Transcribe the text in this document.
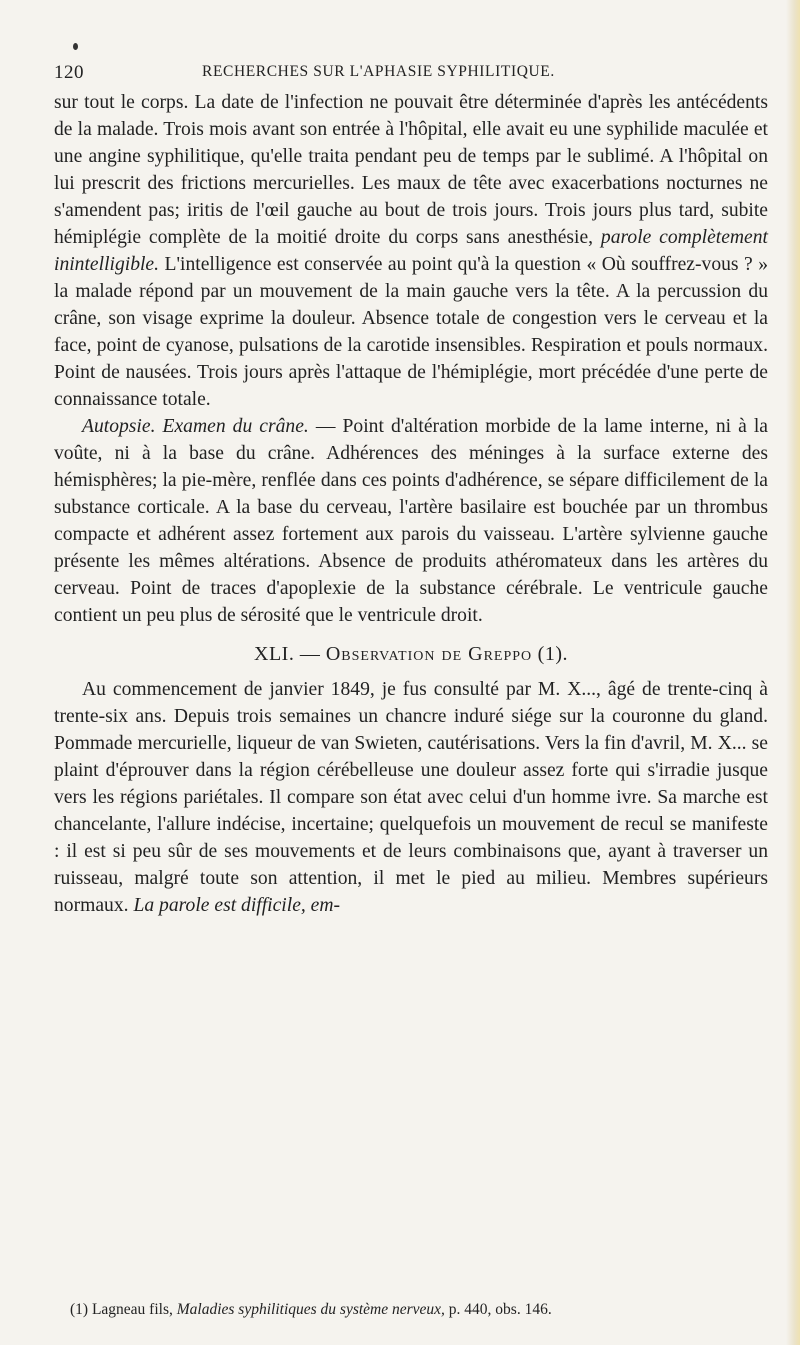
120	RECHERCHES SUR L'APHASIE SYPHILITIQUE.

sur tout le corps. La date de l'infection ne pouvait être déterminée d'après les antécédents de la malade. Trois mois avant son entrée à l'hôpital, elle avait eu une syphilide maculée et une angine syphilitique, qu'elle traita pendant peu de temps par le sublimé. A l'hôpital on lui prescrit des frictions mercurielles. Les maux de tête avec exacerbations nocturnes ne s'amendent pas; iritis de l'œil gauche au bout de trois jours. Trois jours plus tard, subite hémiplégie complète de la moitié droite du corps sans anesthésie, parole complètement inintelligible. L'intelligence est conservée au point qu'à la question « Où souffrez-vous ? » la malade répond par un mouvement de la main gauche vers la tête. A la percussion du crâne, son visage exprime la douleur. Absence totale de congestion vers le cerveau et la face, point de cyanose, pulsations de la carotide insensibles. Respiration et pouls normaux. Point de nausées. Trois jours après l'attaque de l'hémiplégie, mort précédée d'une perte de connaissance totale.

Autopsie. Examen du crâne. — Point d'altération morbide de la lame interne, ni à la voûte, ni à la base du crâne. Adhérences des méninges à la surface externe des hémisphères; la pie-mère, renflée dans ces points d'adhérence, se sépare difficilement de la substance corticale. A la base du cerveau, l'artère basilaire est bouchée par un thrombus compacte et adhérent assez fortement aux parois du vaisseau. L'artère sylvienne gauche présente les mêmes altérations. Absence de produits athéromateux dans les artères du cerveau. Point de traces d'apoplexie de la substance cérébrale. Le ventricule gauche contient un peu plus de sérosité que le ventricule droit.

XLI. — Observation de Greppo (1).

Au commencement de janvier 1849, je fus consulté par M. X..., âgé de trente-cinq à trente-six ans. Depuis trois semaines un chancre induré siége sur la couronne du gland. Pommade mercurielle, liqueur de van Swieten, cautérisations. Vers la fin d'avril, M. X... se plaint d'éprouver dans la région cérébelleuse une douleur assez forte qui s'irradie jusque vers les régions pariétales. Il compare son état avec celui d'un homme ivre. Sa marche est chancelante, l'allure indécise, incertaine; quelquefois un mouvement de recul se manifeste : il est si peu sûr de ses mouvements et de leurs combinaisons que, ayant à traverser un ruisseau, malgré toute son attention, il met le pied au milieu. Membres supérieurs normaux. La parole est difficile, em-

(1) Lagneau fils, Maladies syphilitiques du système nerveux, p. 440, obs. 146.
